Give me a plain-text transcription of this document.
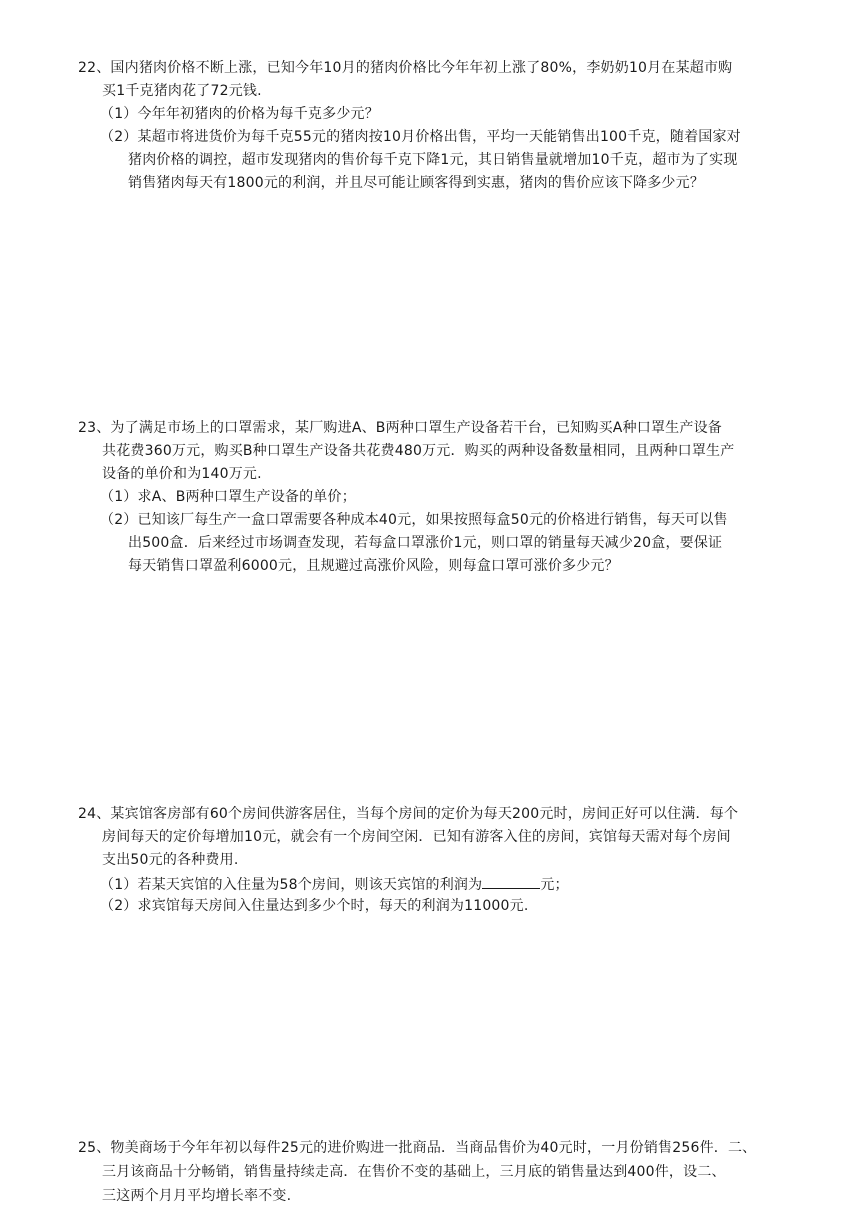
22、国内猪肉价格不断上涨，已知今年10月的猪肉价格比今年年初上涨了80%，李奶奶10月在某超市购
买1千克猪肉花了72元钱.
（1）今年年初猪肉的价格为每千克多少元？
（2）某超市将进货价为每千克55元的猪肉按10月价格出售，平均一天能销售出100千克，随着国家对
猪肉价格的调控，超市发现猪肉的售价每千克下降1元，其日销售量就增加10千克，超市为了实现
销售猪肉每天有1800元的利润，并且尽可能让顾客得到实惠，猪肉的售价应该下降多少元？
23、为了满足市场上的口罩需求，某厂购进A、B两种口罩生产设备若干台，已知购买A种口罩生产设备
共花费360万元，购买B种口罩生产设备共花费480万元．购买的两种设备数量相同，且两种口罩生产
设备的单价和为140万元.
（1）求A、B两种口罩生产设备的单价；
（2）已知该厂每生产一盒口罩需要各种成本40元，如果按照每盒50元的价格进行销售，每天可以售
出500盒．后来经过市场调查发现，若每盒口罩涨价1元，则口罩的销量每天减少20盒，要保证
每天销售口罩盈利6000元，且规避过高涨价风险，则每盒口罩可涨价多少元？
24、某宾馆客房部有60个房间供游客居住，当每个房间的定价为每天200元时，房间正好可以住满．每个
房间每天的定价每增加10元，就会有一个房间空闲．已知有游客入住的房间，宾馆每天需对每个房间
支出50元的各种费用.
（1）若某天宾馆的入住量为58个房间，则该天宾馆的利润为	元；
（2）求宾馆每天房间入住量达到多少个时，每天的利润为11000元.
25、物美商场于今年年初以每件25元的进价购进一批商品．当商品售价为40元时，一月份销售256件．二、
三月该商品十分畅销，销售量持续走高．在售价不变的基础上，三月底的销售量达到400件，设二、
三这两个月月平均增长率不变.
